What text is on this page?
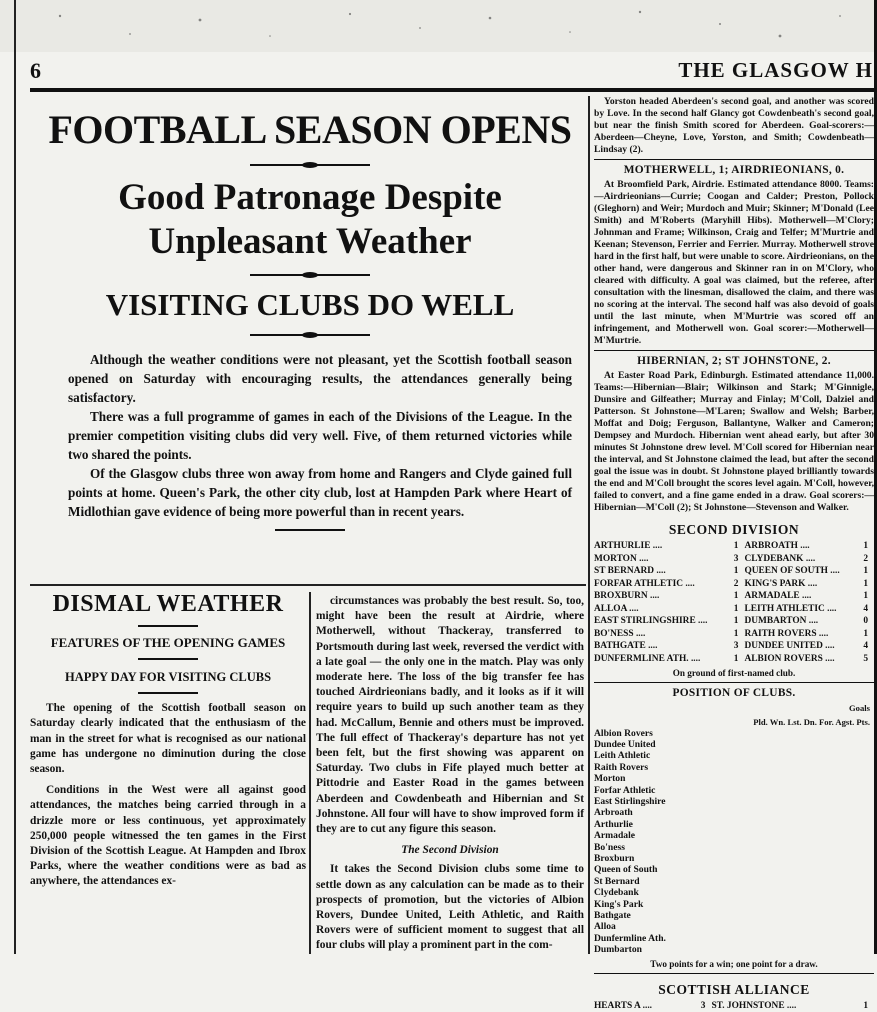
6	THE GLASGOW H
FOOTBALL SEASON OPENS
Good Patronage Despite Unpleasant Weather
VISITING CLUBS DO WELL

Although the weather conditions were not pleasant, yet the Scottish football season opened on Saturday with encouraging results, the attendances generally being satisfactory.

There was a full programme of games in each of the Divisions of the League. In the premier competition visiting clubs did very well. Five, of them returned victories while two shared the points.

Of the Glasgow clubs three won away from home and Rangers and Clyde gained full points at home. Queen's Park, the other city club, lost at Hampden Park where Heart of Midlothian gave evidence of being more powerful than in recent years.

DISMAL WEATHER
FEATURES OF THE OPENING GAMES
HAPPY DAY FOR VISITING CLUBS

The opening of the Scottish football season on Saturday clearly indicated that the enthusiasm of the man in the street for what is recognised as our national game has undergone no diminution during the close season.

Conditions in the West were all against good attendances, the matches being carried through in a drizzle more or less continuous, yet approximately 250,000 people witnessed the ten games in the First Division of the Scottish League. At Hampden and Ibrox Parks, where the weather conditions were as bad as anywhere, the attendances ex-

circumstances was probably the best result. So, too, might have been the result at Airdrie, where Motherwell, without Thackeray, transferred to Portsmouth during last week, reversed the verdict with a late goal — the only one in the match. Play was only moderate here. The loss of the big transfer fee has touched Airdrieonians badly, and it looks as if it will require years to build up such another team as they had. McCallum, Bennie and others must be improved. The full effect of Thackeray's departure has not yet been felt, but the first showing was apparent on Saturday. Two clubs in Fife played much better at Pittodrie and Easter Road in the games between Aberdeen and Cowdenbeath and Hibernian and St Johnstone. All four will have to show improved form if they are to cut any figure this season.

The Second Division

It takes the Second Division clubs some time to settle down as any calculation can be made as to their prospects of promotion, but the victories of Albion Rovers, Dundee United, Leith Athletic, and Raith Rovers were of sufficient moment to suggest that all four clubs will play a prominent part in the com-

Yorston headed Aberdeen's second goal, and another was scored by Love. In the second half Glancy got Cowdenbeath's second goal, but near the finish Smith scored for Aberdeen. Goal-scorers:—Aberdeen—Cheyne, Love, Yorston, and Smith; Cowdenbeath—Lindsay (2).

MOTHERWELL, 1; AIRDRIEONIANS, 0.

At Broomfield Park, Airdrie. Estimated attendance 8000. Teams:—Airdrieonians—Currie; Coogan and Calder; Preston, Pollock (Gleghorn) and Weir; Murdoch and Muir; Skinner; M'Donald (Lee Smith) and M'Roberts (Maryhill Hibs). Motherwell—M'Clory; Johnman and Frame; Wilkinson, Craig and Telfer; M'Murtrie and Keenan; Stevenson, Ferrier and Ferrier. Murray. Motherwell strove hard in the first half, but were unable to score. Airdrieonians, on the other hand, were dangerous and Skinner ran in on M'Clory, who cleared with difficulty. A goal was claimed, but the referee, after consultation with the linesman, disallowed the claim, and there was no scoring at the interval. The second half was also devoid of goals until the last minute, when M'Murtrie was scored off an infringement, and Motherwell won. Goal scorer:—Motherwell—M'Murtrie.

HIBERNIAN, 2; ST JOHNSTONE, 2.

At Easter Road Park, Edinburgh. Estimated attendance 11,000. Teams:—Hibernian—Blair; Wilkinson and Stark; M'Ginnigle, Dunsire and Gilfeather; Murray and Finlay; M'Coll, Dalziel and Patterson. St Johnstone—M'Laren; Swallow and Welsh; Barber, Moffat and Doig; Ferguson, Ballantyne, Walker and Cameron; Dempsey and Murdoch. Hibernian went ahead early, but after 30 minutes St Johnstone drew level. M'Coll scored for Hibernian near the interval, and St Johnstone claimed the lead, but after the second goal the issue was in doubt. St Johnstone played brilliantly towards the end and M'Coll brought the scores level again. M'Coll, however, failed to convert, and a fine game ended in a draw. Goal scorers:—Hibernian—M'Coll (2); St Johnstone—Stevenson and Walker.

SECOND DIVISION
ARTHURLIE ....	1	ARBROATH ....	1
MORTON ....	3	CLYDEBANK ....	2
ST BERNARD ....	1	QUEEN OF SOUTH ....	1
FORFAR ATHLETIC ....	2	KING'S PARK ....	1
BROXBURN ....	1	ARMADALE ....	1
ALLOA ....	1	LEITH ATHLETIC ....	4
EAST STIRLINGSHIRE ....	1	DUMBARTON ....	0
BO'NESS ....	1	RAITH ROVERS ....	1
BATHGATE ....	3	DUNDEE UNITED ....	4
DUNFERMLINE ATH. ....	1	ALBION ROVERS ....	5
On ground of first-named club.
POSITION OF CLUBS.
Goals
Pld. Wn. Lst. Dn. For. Agst. Pts.
Albion Rovers
Dundee United
Leith Athletic
Raith Rovers
Morton
Forfar Athletic
East Stirlingshire
Arbroath
Arthurlie
Armadale
Bo'ness
Broxburn
Queen of South
St Bernard
Clydebank
King's Park
Bathgate
Alloa
Dunfermline Ath.
Dumbarton
Two points for a win; one point for a draw.
SCOTTISH ALLIANCE
HEARTS A ....	3	ST. JOHNSTONE ....	1
